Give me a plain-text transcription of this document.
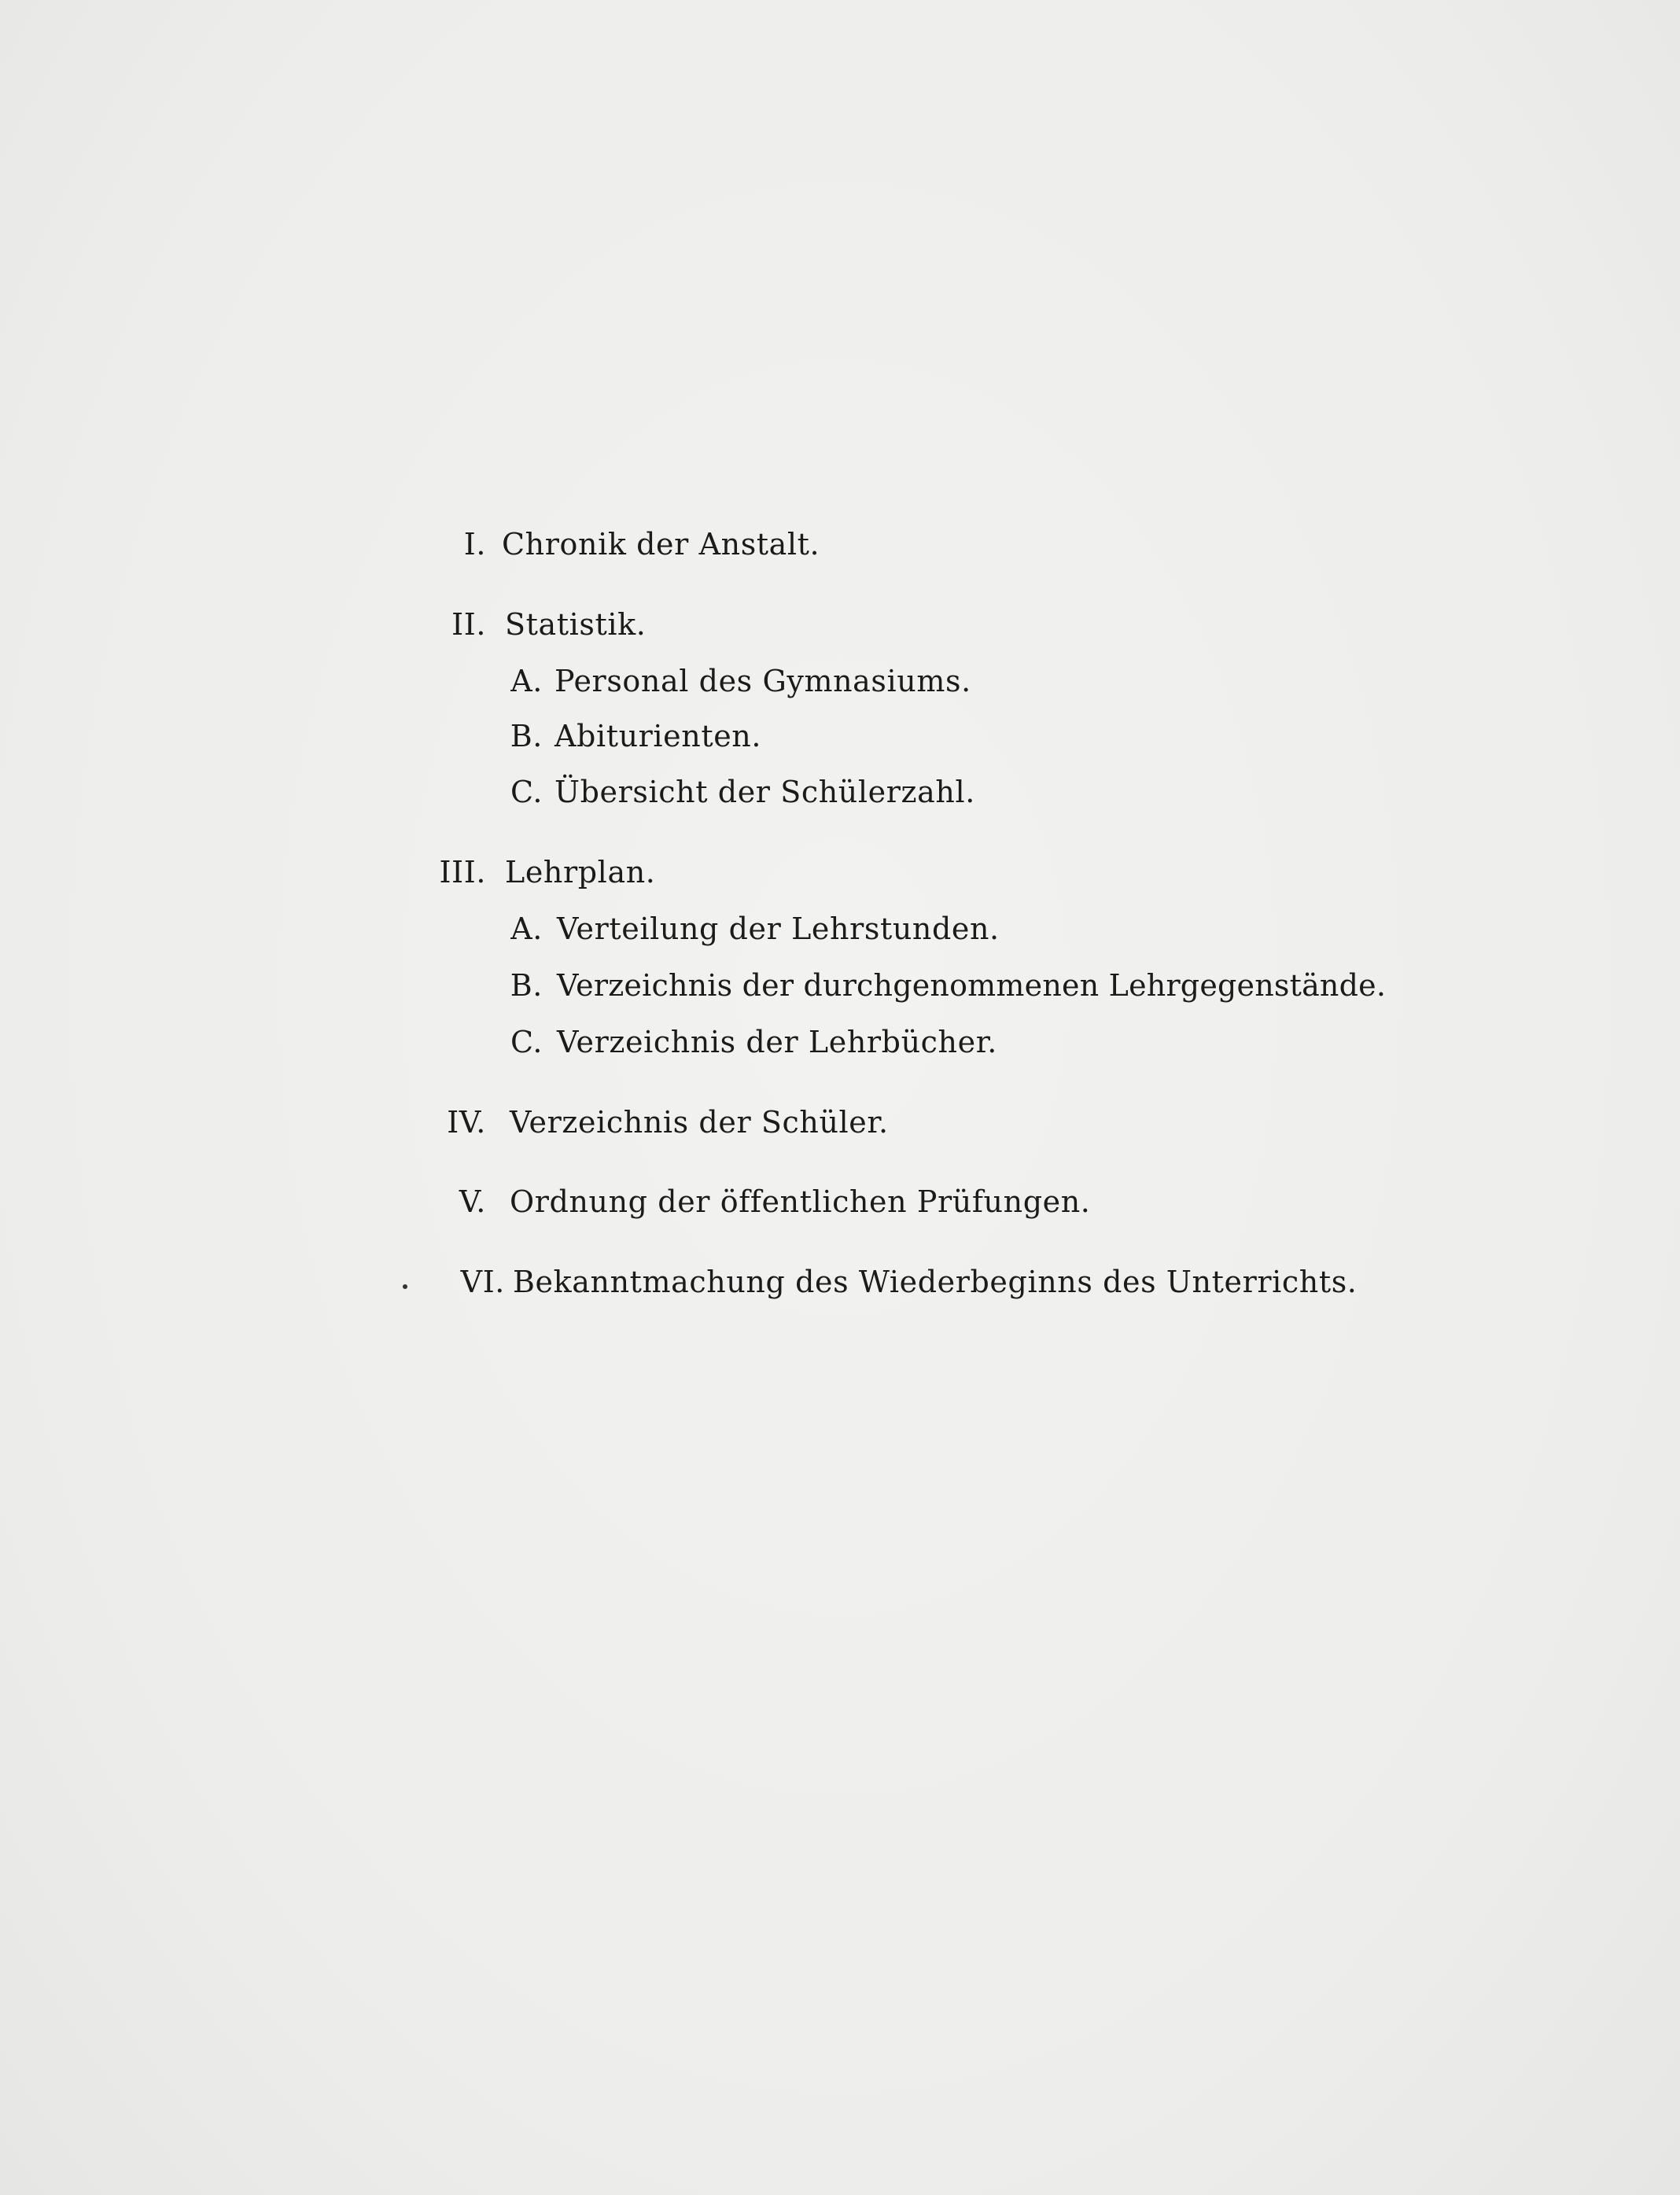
I. Chronik der Anstalt.
II. Statistik.
A. Personal des Gymnasiums.
B. Abiturienten.
C. Übersicht der Schülerzahl.
III. Lehrplan.
A. Verteilung der Lehrstunden.
B. Verzeichnis der durchgenommenen Lehrgegenstände.
C. Verzeichnis der Lehrbücher.
IV. Verzeichnis der Schüler.
V. Ordnung der öffentlichen Prüfungen.
VI. Bekanntmachung des Wiederbeginns des Unterrichts.
